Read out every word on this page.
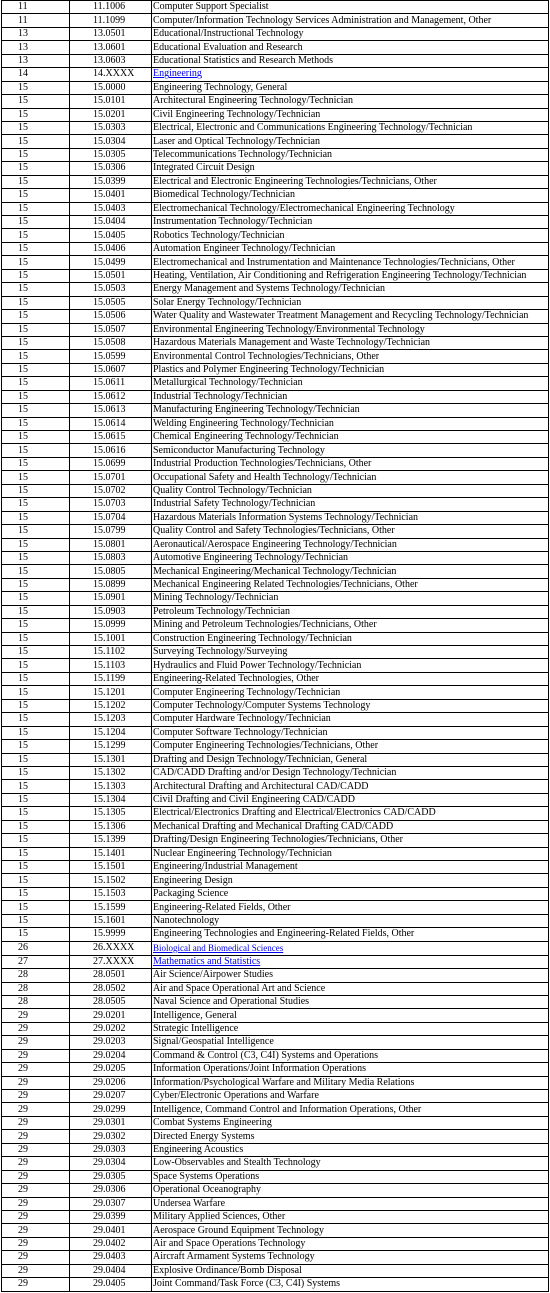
11	11.1006	Computer Support Specialist
11	11.1099	Computer/Information Technology Services Administration and Management, Other
13	13.0501	Educational/Instructional Technology
13	13.0601	Educational Evaluation and Research
13	13.0603	Educational Statistics and Research Methods
14	14.XXXX	Engineering
15	15.0000	Engineering Technology, General
15	15.0101	Architectural Engineering Technology/Technician
15	15.0201	Civil Engineering Technology/Technician
15	15.0303	Electrical, Electronic and Communications Engineering Technology/Technician
15	15.0304	Laser and Optical Technology/Technician
15	15.0305	Telecommunications Technology/Technician
15	15.0306	Integrated Circuit Design
15	15.0399	Electrical and Electronic Engineering Technologies/Technicians, Other
15	15.0401	Biomedical Technology/Technician
15	15.0403	Electromechanical Technology/Electromechanical Engineering Technology
15	15.0404	Instrumentation Technology/Technician
15	15.0405	Robotics Technology/Technician
15	15.0406	Automation Engineer Technology/Technician
15	15.0499	Electromechanical and Instrumentation and Maintenance Technologies/Technicians, Other
15	15.0501	Heating, Ventilation, Air Conditioning and Refrigeration Engineering Technology/Technician
15	15.0503	Energy Management and Systems Technology/Technician
15	15.0505	Solar Energy Technology/Technician
15	15.0506	Water Quality and Wastewater Treatment Management and Recycling Technology/Technician
15	15.0507	Environmental Engineering Technology/Environmental Technology
15	15.0508	Hazardous Materials Management and Waste Technology/Technician
15	15.0599	Environmental Control Technologies/Technicians, Other
15	15.0607	Plastics and Polymer Engineering Technology/Technician
15	15.0611	Metallurgical Technology/Technician
15	15.0612	Industrial Technology/Technician
15	15.0613	Manufacturing Engineering Technology/Technician
15	15.0614	Welding Engineering Technology/Technician
15	15.0615	Chemical Engineering Technology/Technician
15	15.0616	Semiconductor Manufacturing Technology
15	15.0699	Industrial Production Technologies/Technicians, Other
15	15.0701	Occupational Safety and Health Technology/Technician
15	15.0702	Quality Control Technology/Technician
15	15.0703	Industrial Safety Technology/Technician
15	15.0704	Hazardous Materials Information Systems Technology/Technician
15	15.0799	Quality Control and Safety Technologies/Technicians, Other
15	15.0801	Aeronautical/Aerospace Engineering Technology/Technician
15	15.0803	Automotive Engineering Technology/Technician
15	15.0805	Mechanical Engineering/Mechanical Technology/Technician
15	15.0899	Mechanical Engineering Related Technologies/Technicians, Other
15	15.0901	Mining Technology/Technician
15	15.0903	Petroleum Technology/Technician
15	15.0999	Mining and Petroleum Technologies/Technicians, Other
15	15.1001	Construction Engineering Technology/Technician
15	15.1102	Surveying Technology/Surveying
15	15.1103	Hydraulics and Fluid Power Technology/Technician
15	15.1199	Engineering-Related Technologies, Other
15	15.1201	Computer Engineering Technology/Technician
15	15.1202	Computer Technology/Computer Systems Technology
15	15.1203	Computer Hardware Technology/Technician
15	15.1204	Computer Software Technology/Technician
15	15.1299	Computer Engineering Technologies/Technicians, Other
15	15.1301	Drafting and Design Technology/Technician, General
15	15.1302	CAD/CADD Drafting and/or Design Technology/Technician
15	15.1303	Architectural Drafting and Architectural CAD/CADD
15	15.1304	Civil Drafting and Civil Engineering CAD/CADD
15	15.1305	Electrical/Electronics Drafting and Electrical/Electronics CAD/CADD
15	15.1306	Mechanical Drafting and Mechanical Drafting CAD/CADD
15	15.1399	Drafting/Design Engineering Technologies/Technicians, Other
15	15.1401	Nuclear Engineering Technology/Technician
15	15.1501	Engineering/Industrial Management
15	15.1502	Engineering Design
15	15.1503	Packaging Science
15	15.1599	Engineering-Related Fields, Other
15	15.1601	Nanotechnology
15	15.9999	Engineering Technologies and Engineering-Related Fields, Other
26	26.XXXX	Biological and Biomedical Sciences
27	27.XXXX	Mathematics and Statistics
28	28.0501	Air Science/Airpower Studies
28	28.0502	Air and Space Operational Art and Science
28	28.0505	Naval Science and Operational Studies
29	29.0201	Intelligence, General
29	29.0202	Strategic Intelligence
29	29.0203	Signal/Geospatial Intelligence
29	29.0204	Command & Control (C3, C4I) Systems and Operations
29	29.0205	Information Operations/Joint Information Operations
29	29.0206	Information/Psychological Warfare and Military Media Relations
29	29.0207	Cyber/Electronic Operations and Warfare
29	29.0299	Intelligence, Command Control and Information Operations, Other
29	29.0301	Combat Systems Engineering
29	29.0302	Directed Energy Systems
29	29.0303	Engineering Acoustics
29	29.0304	Low-Observables and Stealth Technology
29	29.0305	Space Systems Operations
29	29.0306	Operational Oceanography
29	29.0307	Undersea Warfare
29	29.0399	Military Applied Sciences, Other
29	29.0401	Aerospace Ground Equipment Technology
29	29.0402	Air and Space Operations Technology
29	29.0403	Aircraft Armament Systems Technology
29	29.0404	Explosive Ordinance/Bomb Disposal
29	29.0405	Joint Command/Task Force (C3, C4I) Systems
